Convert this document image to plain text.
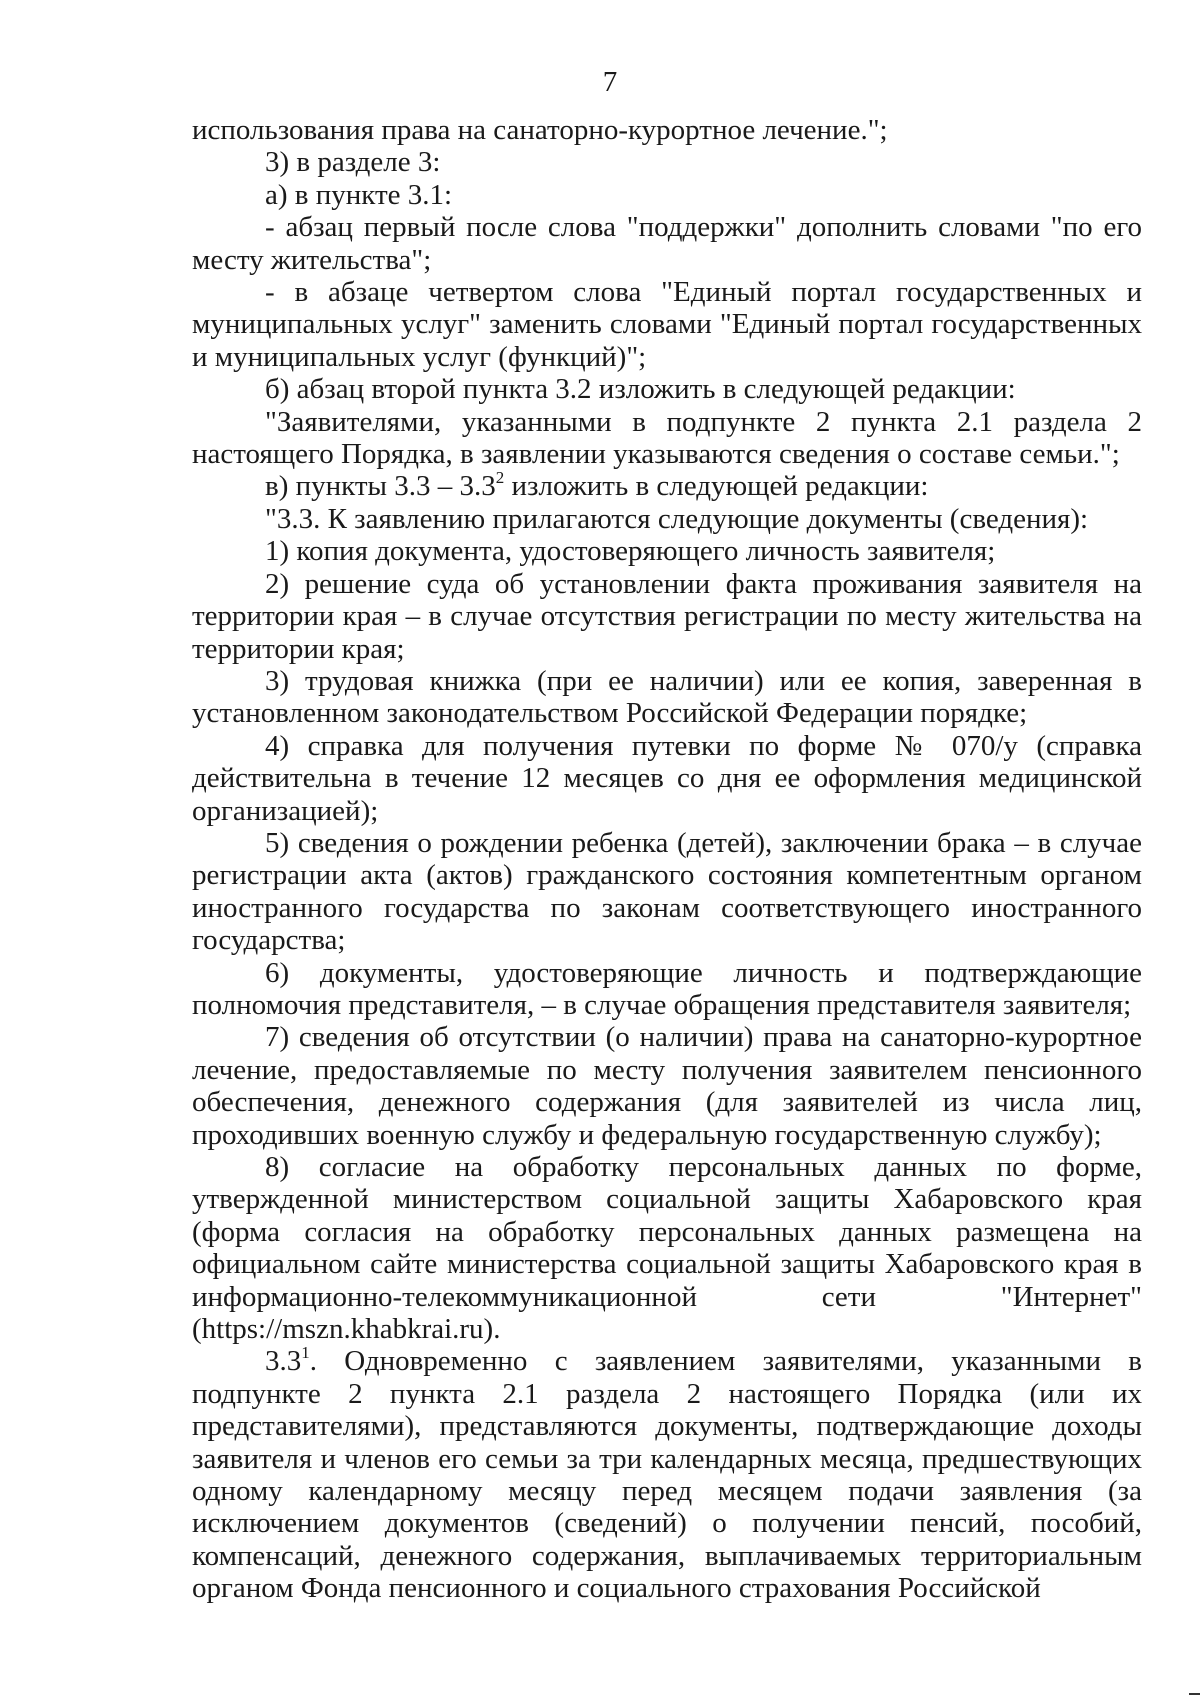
7

использования права на санаторно-курортное лечение.";

3) в разделе 3:

а) в пункте 3.1:

- абзац первый после слова "поддержки" дополнить словами "по его месту жительства";

- в абзаце четвертом слова "Единый портал государственных и муниципальных услуг" заменить словами "Единый портал государственных и муниципальных услуг (функций)";

б) абзац второй пункта 3.2 изложить в следующей редакции:

"Заявителями, указанными в подпункте 2 пункта 2.1 раздела 2 настоящего Порядка, в заявлении указываются сведения о составе семьи.";

в) пункты $3.3 - 3.3^2$ изложить в следующей редакции:

"3.3. К заявлению прилагаются следующие документы (сведения):

1) копия документа, удостоверяющего личность заявителя;

2) решение суда об установлении факта проживания заявителя на территории края – в случае отсутствия регистрации по месту жительства на территории края;

3) трудовая книжка (при ее наличии) или ее копия, заверенная в установленном законодательством Российской Федерации порядке;

4) справка для получения путевки по форме № 070/у (справка действительна в течение 12 месяцев со дня ее оформления медицинской организацией);

5) сведения о рождении ребенка (детей), заключении брака – в случае регистрации акта (актов) гражданского состояния компетентным органом иностранного государства по законам соответствующего иностранного государства;

6) документы, удостоверяющие личность и подтверждающие полномочия представителя, – в случае обращения представителя заявителя;

7) сведения об отсутствии (о наличии) права на санаторно-курортное лечение, предоставляемые по месту получения заявителем пенсионного обеспечения, денежного содержания (для заявителей из числа лиц, проходивших военную службу и федеральную государственную службу);

8) согласие на обработку персональных данных по форме, утвержденной министерством социальной защиты Хабаровского края (форма согласия на обработку персональных данных размещена на официальном сайте министерства социальной защиты Хабаровского края в информационно-телекоммуникационной сети "Интернет" (https://mszn.khabkrai.ru).

$3.3^1$. Одновременно с заявлением заявителями, указанными в подпункте 2 пункта 2.1 раздела 2 настоящего Порядка (или их представителями), представляются документы, подтверждающие доходы заявителя и членов его семьи за три календарных месяца, предшествующих одному календарному месяцу перед месяцем подачи заявления (за исключением документов (сведений) о получении пенсий, пособий, компенсаций, денежного содержания, выплачиваемых территориальным органом Фонда пенсионного и социального страхования Российской
